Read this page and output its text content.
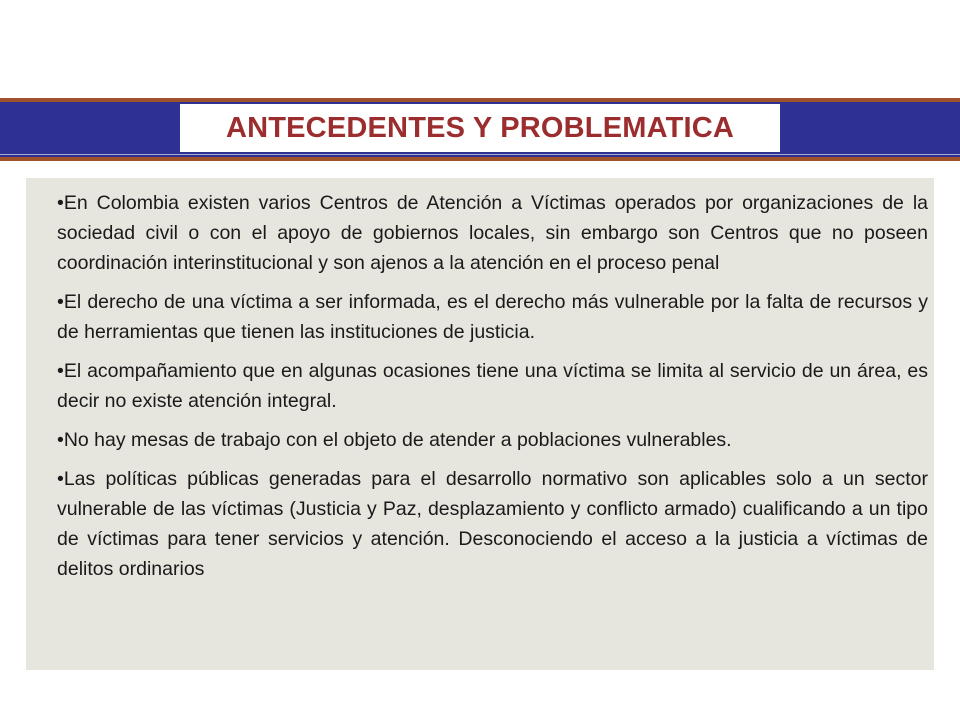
ANTECEDENTES Y PROBLEMATICA

•En Colombia existen varios Centros de Atención a Víctimas operados por organizaciones de la sociedad civil o con el apoyo de gobiernos locales, sin embargo son Centros que no poseen coordinación interinstitucional y son ajenos a la atención en el proceso penal

•El derecho de una víctima a ser informada, es el derecho más vulnerable por la falta de recursos y de herramientas que tienen las instituciones de justicia.

•El acompañamiento que en algunas ocasiones tiene una víctima se limita al servicio de un área, es decir no existe atención integral.

•No hay mesas de trabajo con el objeto de atender a poblaciones vulnerables.

•Las políticas públicas generadas para el desarrollo normativo son aplicables solo a un sector vulnerable de las víctimas (Justicia y Paz, desplazamiento y conflicto armado) cualificando a un tipo de víctimas para tener servicios y atención. Desconociendo el acceso a la justicia a víctimas de delitos ordinarios
